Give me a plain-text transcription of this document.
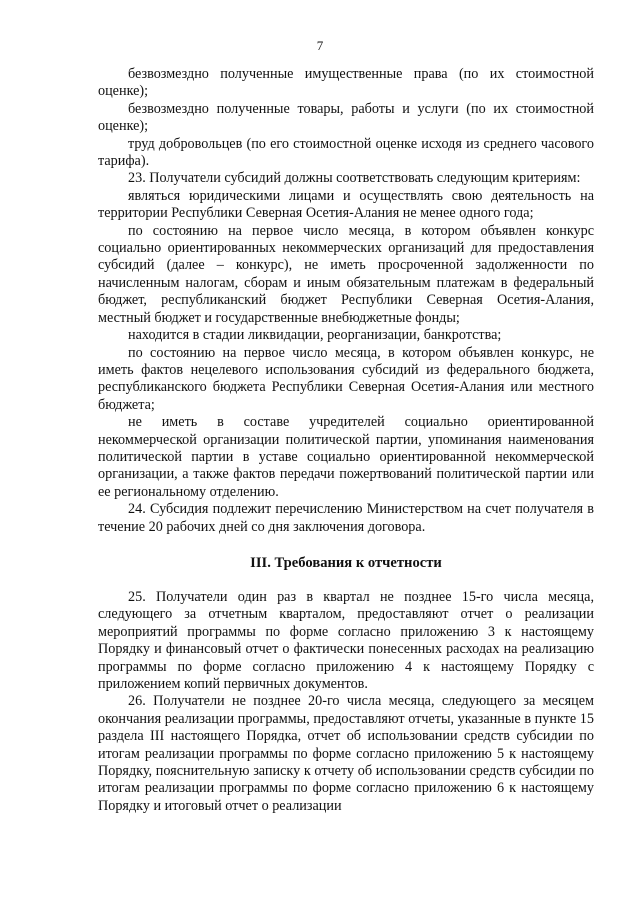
7

безвозмездно полученные имущественные права (по их стоимостной оценке);

безвозмездно полученные товары, работы и услуги (по их стоимостной оценке);

труд добровольцев (по его стоимостной оценке исходя из среднего часового тарифа).

23. Получатели субсидий должны соответствовать следующим критериям:

являться юридическими лицами и осуществлять свою деятельность на территории Республики Северная Осетия-Алания не менее одного года;

по состоянию на первое число месяца, в котором объявлен конкурс социально ориентированных некоммерческих организаций для предоставления субсидий (далее – конкурс), не иметь просроченной задолженности по начисленным налогам, сборам и иным обязательным платежам в федеральный бюджет, республиканский бюджет Республики Северная Осетия-Алания, местный бюджет и государственные внебюджетные фонды;

находится в стадии ликвидации, реорганизации, банкротства;

по состоянию на первое число месяца, в котором объявлен конкурс, не иметь фактов нецелевого использования субсидий из федерального бюджета, республиканского бюджета Республики Северная Осетия-Алания или местного бюджета;

не иметь в составе учредителей социально ориентированной некоммерческой организации политической партии, упоминания наименования политической партии в уставе социально ориентированной некоммерческой организации, а также фактов передачи пожертвований политической партии или ее региональному отделению.

24. Субсидия подлежит перечислению Министерством на счет получателя в течение 20 рабочих дней со дня заключения договора.

III. Требования к отчетности

25. Получатели один раз в квартал не позднее 15-го числа месяца, следующего за отчетным кварталом, предоставляют отчет о реализации мероприятий программы по форме согласно приложению 3 к настоящему Порядку и финансовый отчет о фактически понесенных расходах на реализацию программы по форме согласно приложению 4 к настоящему Порядку с приложением копий первичных документов.

26. Получатели не позднее 20-го числа месяца, следующего за месяцем окончания реализации программы, предоставляют отчеты, указанные в пункте 15 раздела III настоящего Порядка, отчет об использовании средств субсидии по итогам реализации программы по форме согласно приложению 5 к настоящему Порядку, пояснительную записку к отчету об использовании средств субсидии по итогам реализации программы по форме согласно приложению 6 к настоящему Порядку и итоговый отчет о реализации
